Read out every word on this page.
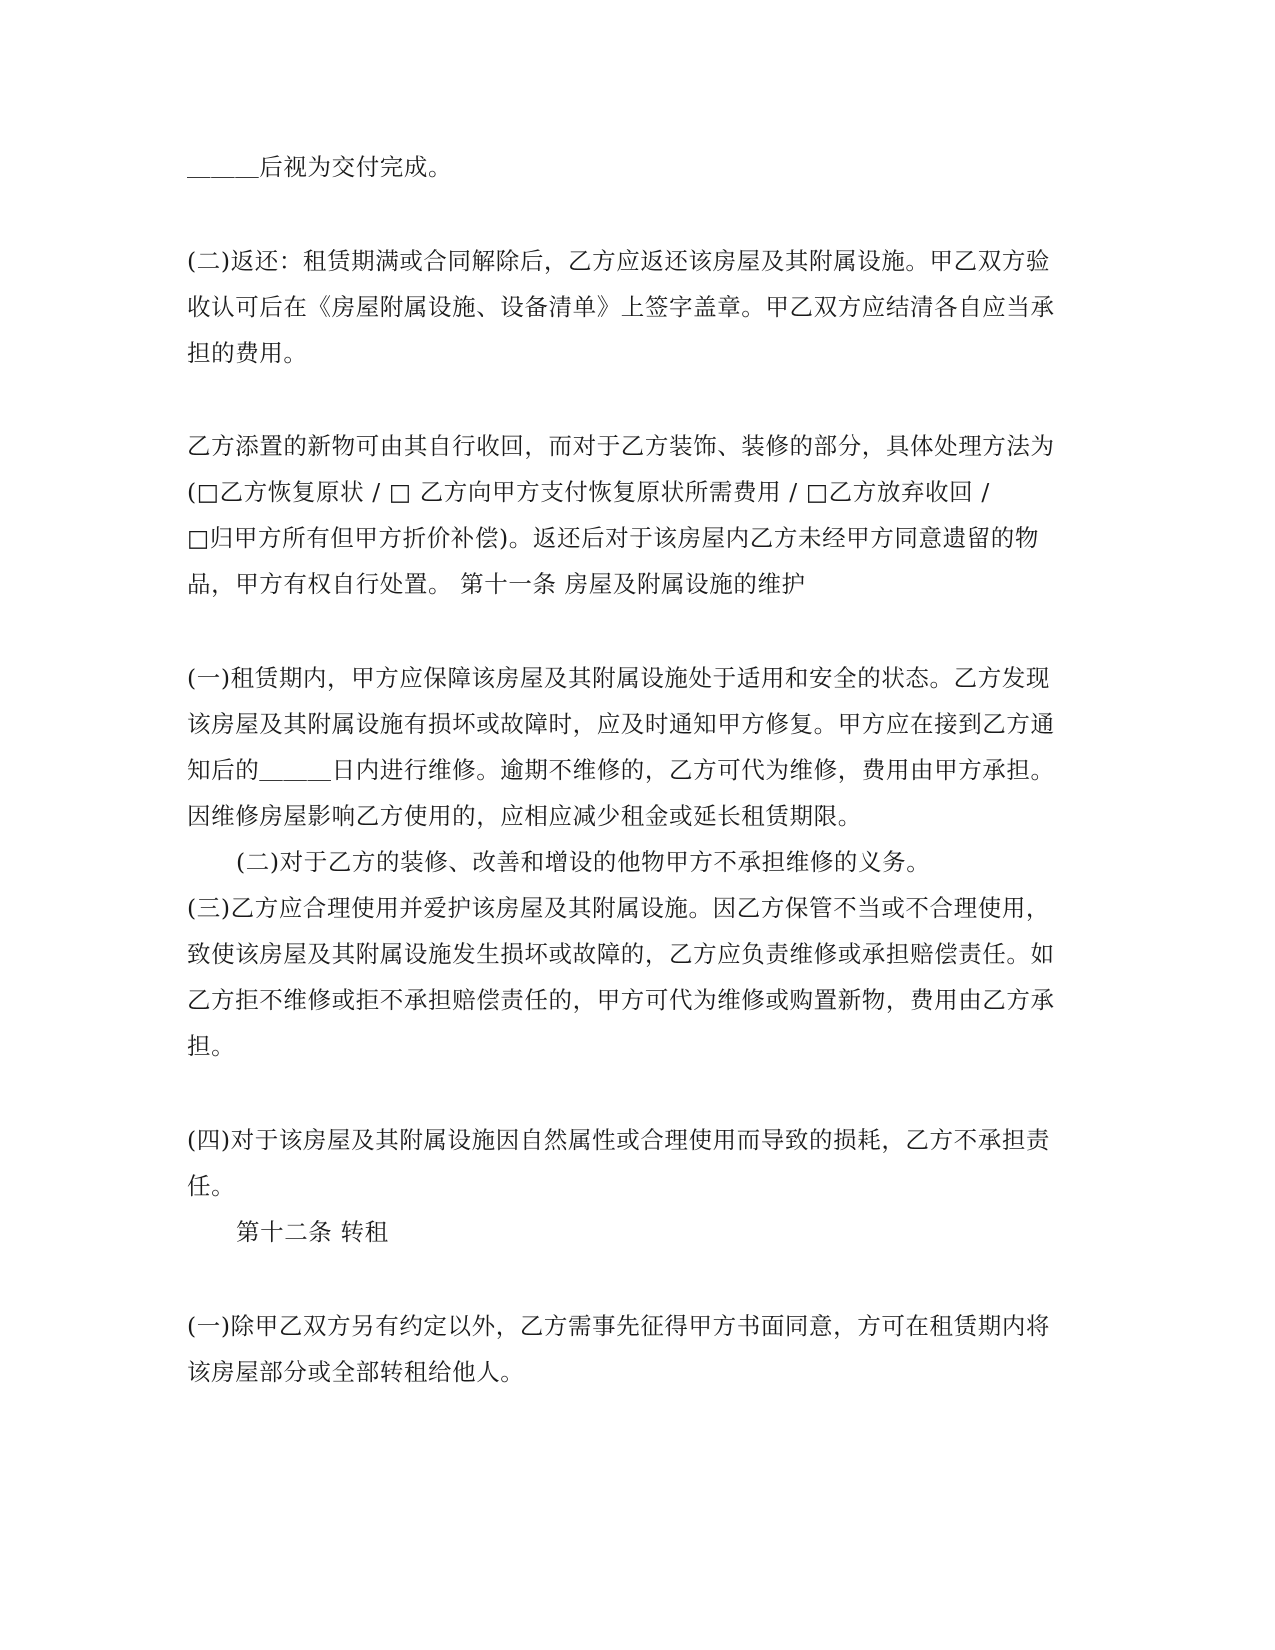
＿＿＿后视为交付完成。
(二)返还：租赁期满或合同解除后，乙方应返还该房屋及其附属设施。甲乙双方验
收认可后在《房屋附属设施、设备清单》上签字盖章。甲乙双方应结清各自应当承
担的费用。
乙方添置的新物可由其自行收回，而对于乙方装饰、装修的部分，具体处理方法为
(□乙方恢复原状 / □ 乙方向甲方支付恢复原状所需费用 / □乙方放弃收回 /
□归甲方所有但甲方折价补偿)。返还后对于该房屋内乙方未经甲方同意遗留的物
品，甲方有权自行处置。 第十一条 房屋及附属设施的维护
(一)租赁期内，甲方应保障该房屋及其附属设施处于适用和安全的状态。乙方发现
该房屋及其附属设施有损坏或故障时，应及时通知甲方修复。甲方应在接到乙方通
知后的＿＿＿日内进行维修。逾期不维修的，乙方可代为维修，费用由甲方承担。
因维修房屋影响乙方使用的，应相应减少租金或延长租赁期限。
(二)对于乙方的装修、改善和增设的他物甲方不承担维修的义务。
(三)乙方应合理使用并爱护该房屋及其附属设施。因乙方保管不当或不合理使用，
致使该房屋及其附属设施发生损坏或故障的，乙方应负责维修或承担赔偿责任。如
乙方拒不维修或拒不承担赔偿责任的，甲方可代为维修或购置新物，费用由乙方承
担。
(四)对于该房屋及其附属设施因自然属性或合理使用而导致的损耗，乙方不承担责
任。
第十二条 转租
(一)除甲乙双方另有约定以外，乙方需事先征得甲方书面同意，方可在租赁期内将
该房屋部分或全部转租给他人。
